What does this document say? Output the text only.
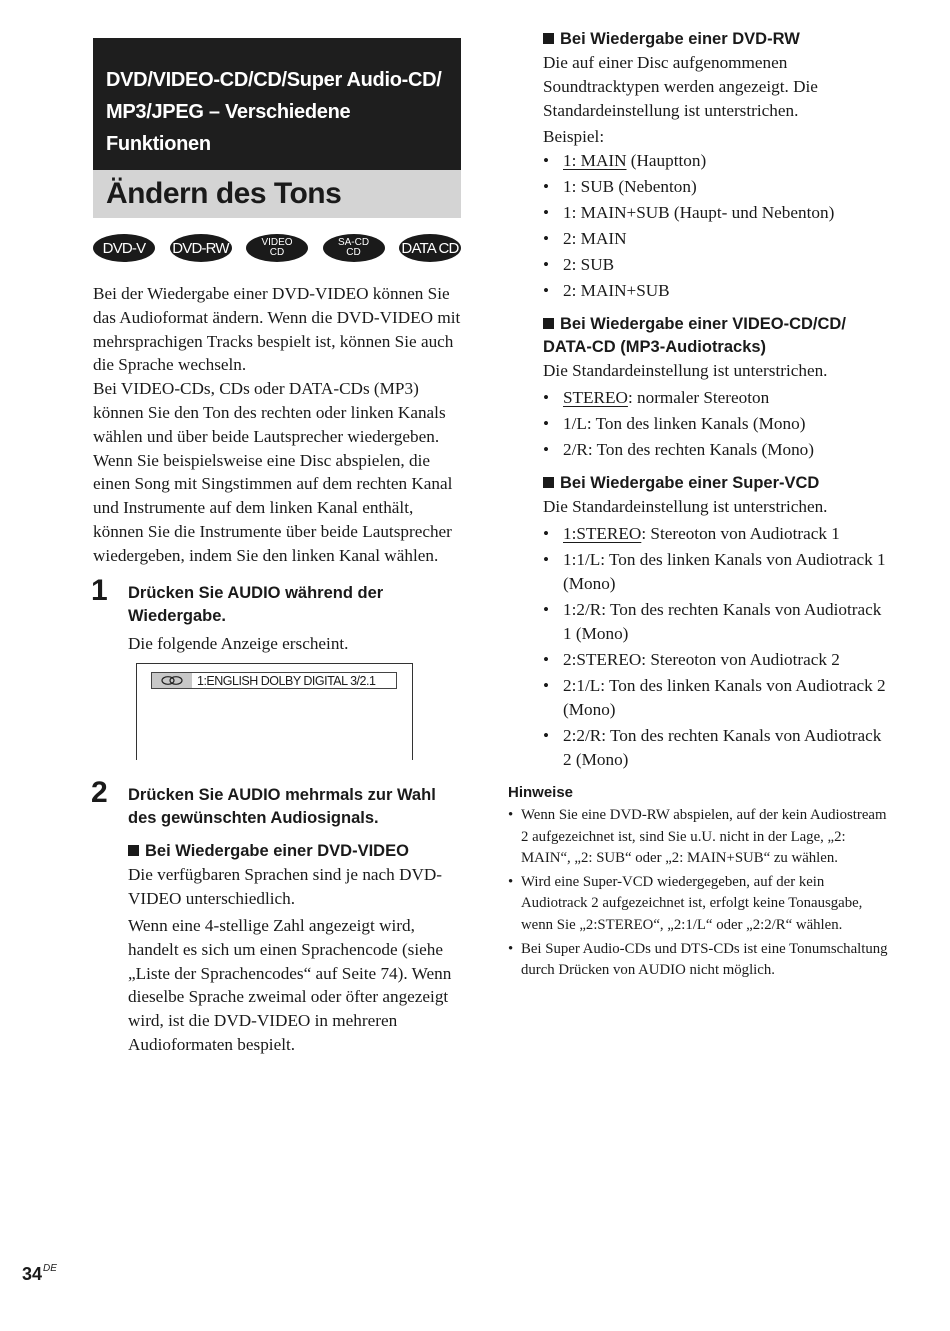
DVD/VIDEO-CD/CD/Super Audio-CD/
MP3/JPEG – Verschiedene Funktionen
Ändern des Tons
DVD-V DVD-RW	VIDEO
CD
SA-CD
CD	DATA CD

Bei der Wiedergabe einer DVD-VIDEO können Sie das Audioformat ändern. Wenn die DVD-VIDEO mit mehrsprachigen Tracks bespielt ist, können Sie auch die Sprache wechseln.

Bei VIDEO-CDs, CDs oder DATA-CDs (MP3) können Sie den Ton des rechten oder linken Kanals wählen und über beide Lautsprecher wiedergeben. Wenn Sie beispielsweise eine Disc abspielen, die einen Song mit Singstimmen auf dem rechten Kanal und Instrumente auf dem linken Kanal enthält, können Sie die Instrumente über beide Lautsprecher wiedergeben, indem Sie den linken Kanal wählen.

1 Drücken Sie AUDIO während der Wiedergabe.

Die folgende Anzeige erscheint.

1:ENGLISH DOLBY DIGITAL 3/2.1
2 Drücken Sie AUDIO mehrmals zur Wahl des gewünschten Audiosignals.

Bei Wiedergabe einer DVD-VIDEO

Die verfügbaren Sprachen sind je nach DVD-VIDEO unterschiedlich.

Wenn eine 4-stellige Zahl angezeigt wird, handelt es sich um einen Sprachencode (siehe „Liste der Sprachencodes“ auf Seite 74). Wenn dieselbe Sprache zweimal oder öfter angezeigt wird, ist die DVD-VIDEO in mehreren Audioformaten bespielt.

Bei Wiedergabe einer DVD-RW

Die auf einer Disc aufgenommenen Soundtracktypen werden angezeigt. Die Standardeinstellung ist unterstrichen.

Beispiel:

• 1: MAIN (Hauptton)
• 1: SUB (Nebenton)
• 1: MAIN+SUB (Haupt- und Nebenton)
• 2: MAIN
• 2: SUB
• 2: MAIN+SUB

Bei Wiedergabe einer VIDEO-CD/CD/ DATA-CD (MP3-Audiotracks)

Die Standardeinstellung ist unterstrichen.

• STEREO: normaler Stereoton
• 1/L: Ton des linken Kanals (Mono)
• 2/R: Ton des rechten Kanals (Mono)

Bei Wiedergabe einer Super-VCD

Die Standardeinstellung ist unterstrichen.

• 1:STEREO: Stereoton von Audiotrack 1
• 1:1/L: Ton des linken Kanals von Audiotrack 1 (Mono)
• 1:2/R: Ton des rechten Kanals von Audiotrack 1 (Mono)
• 2:STEREO: Stereoton von Audiotrack 2
• 2:1/L: Ton des linken Kanals von Audiotrack 2 (Mono)
• 2:2/R: Ton des rechten Kanals von Audiotrack 2 (Mono)

Hinweise

• Wenn Sie eine DVD-RW abspielen, auf der kein Audiostream 2 aufgezeichnet ist, sind Sie u.U. nicht in der Lage, „2: MAIN“, „2: SUB“ oder „2: MAIN+SUB“ zu wählen.
• Wird eine Super-VCD wiedergegeben, auf der kein Audiotrack 2 aufgezeichnet ist, erfolgt keine Tonausgabe, wenn Sie „2:STEREO“, „2:1/L“ oder „2:2/R“ wählen.
• Bei Super Audio-CDs und DTS-CDs ist eine Tonumschaltung durch Drücken von AUDIO nicht möglich.
34DE
